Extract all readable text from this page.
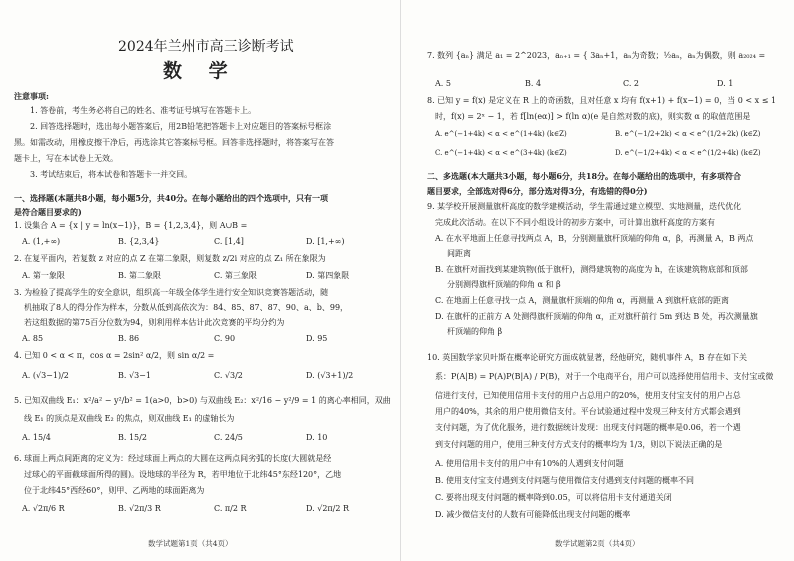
2024年兰州市高三诊断考试
数 学
注意事项:
1. 答卷前，考生务必将自己的姓名、准考证号填写在答题卡上。
2. 回答选择题时，选出每小题答案后，用2B铅笔把答题卡上对应题目的答案标号框涂
黑。如需改动，用橡皮擦干净后，再选涂其它答案标号框。回答非选择题时，将答案写在答
题卡上，写在本试卷上无效。
3. 考试结束后，将本试卷和答题卡一并交回。
一、选择题(本题共8小题，每小题5分，共40分。在每小题给出的四个选项中，只有一项
是符合题目要求的)
1. 设集合 A = {x | y = ln(x−1)}，B = {1,2,3,4}，则 A∪B =
A. (1,+∞)	B. {2,3,4}	C. [1,4]	D. [1,+∞)
2. 在复平面内，若复数 z 对应的点 Z 在第二象限，则复数 z/2i 对应的点 Z₁ 所在象限为
A. 第一象限	B. 第二象限	C. 第三象限	D. 第四象限
3. 为检验了提高学生的安全意识，组织高一年级全体学生进行安全知识竞赛答题活动，随
机抽取了8人的得分作为样本，分数从低到高依次为：84、85、87、87、90、a、b、99，
若这组数据的第75百分位数为94，则利用样本估计此次竞赛的平均分约为
A. 85	B. 86	C. 90	D. 95
4. 已知 0 < α < π，cos α = 2sin² α/2，则 sin α/2 =
A. (√3−1)/2	B. √3−1	C. √3/2	D. (√3+1)/2
5. 已知双曲线 E₁：x²/a² − y²/b² = 1(a>0，b>0) 与双曲线 E₂：x²/16 − y²/9 = 1 的离心率相同，双曲
线 E₁ 的顶点是双曲线 E₂ 的焦点，则双曲线 E₁ 的虚轴长为
A. 15/4	B. 15/2	C. 24/5	D. 10
6. 球面上两点间距离的定义为：经过球面上两点的大圆在这两点间劣弧的长度(大圆就是经
过球心的平面截球面所得的圆)。设地球的半径为 R，若甲地位于北纬45°东经120°，乙地
位于北纬45°西经60°，则甲、乙两地的球面距离为
A. √2π/6 R	B. √2π/3 R	C. π/2 R	D. √2π/2 R
数学试题第1页（共4页）
7. 数列 {aₙ} 满足 a₁ = 2^2023，aₙ₊₁ = { 3aₙ+1，aₙ为奇数；½aₙ，aₙ为偶数，则 a₂₀₂₄ =
A. 5	B. 4	C. 2	D. 1
8. 已知 y = f(x) 是定义在 R 上的奇函数，且对任意 x 均有 f(x+1) + f(x−1) = 0，当 0 < x ≤ 1
时，f(x) = 2ˣ − 1，若 f[ln(eα)] > f(ln α)(e 是自然对数的底)，则实数 α 的取值范围是
A. e^(−1+4k) < α < e^(1+4k) (k∈Z)	B. e^(−1/2+2k) < α < e^(1/2+2k) (k∈Z)
C. e^(−1+4k) < α < e^(3+4k) (k∈Z)	D. e^(−1/2+4k) < α < e^(1/2+4k) (k∈Z)
二、多选题(本大题共3小题，每小题6分，共18分。在每小题给出的选项中，有多项符合
题目要求，全部选对得6分，部分选对得3分，有选错的得0分)
9. 某学校开展测量旗杆高度的数学建模活动，学生需通过建立模型、实地测量，迭代优化
完成此次活动。在以下不同小组设计的初步方案中，可计算出旗杆高度的方案有
A. 在水平地面上任意寻找两点 A，B，分别测量旗杆顶端的仰角 α，β，再测量 A，B 两点
间距离
B. 在旗杆对面找到某建筑物(低于旗杆)，测得建筑物的高度为 h，在该建筑物底部和顶部
分别测得旗杆顶端的仰角 α 和 β
C. 在地面上任意寻找一点 A，测量旗杆顶端的仰角 α，再测量 A 到旗杆底部的距离
D. 在旗杆的正前方 A 处测得旗杆顶端的仰角 α，正对旗杆前行 5m 到达 B 处，再次测量旗
杆顶端的仰角 β
10. 英国数学家贝叶斯在概率论研究方面成就显著，经他研究，随机事件 A，B 存在如下关
系：P(A|B) = P(A)P(B|A) / P(B)，对于一个电商平台，用户可以选择使用信用卡、支付宝或微
信进行支付，已知使用信用卡支付的用户占总用户的20%，使用支付宝支付的用户占总
用户的40%，其余的用户使用微信支付。平台试验通过程中发现三种支付方式都会遇到
支付问题，为了优化服务，进行数据统计发现：出现支付问题的概率是0.06，若一个遇
到支付问题的用户，使用三种支付方式支付的概率均为 1/3，则以下说法正确的是
A. 使用信用卡支付的用户中有10%的人遇到支付问题
B. 使用支付宝支付遇到支付问题与使用微信支付遇到支付问题的概率不同
C. 要将出现支付问题的概率降到0.05，可以将信用卡支付通道关闭
D. 减少微信支付的人数有可能降低出现支付问题的概率
数学试题第2页（共4页）
